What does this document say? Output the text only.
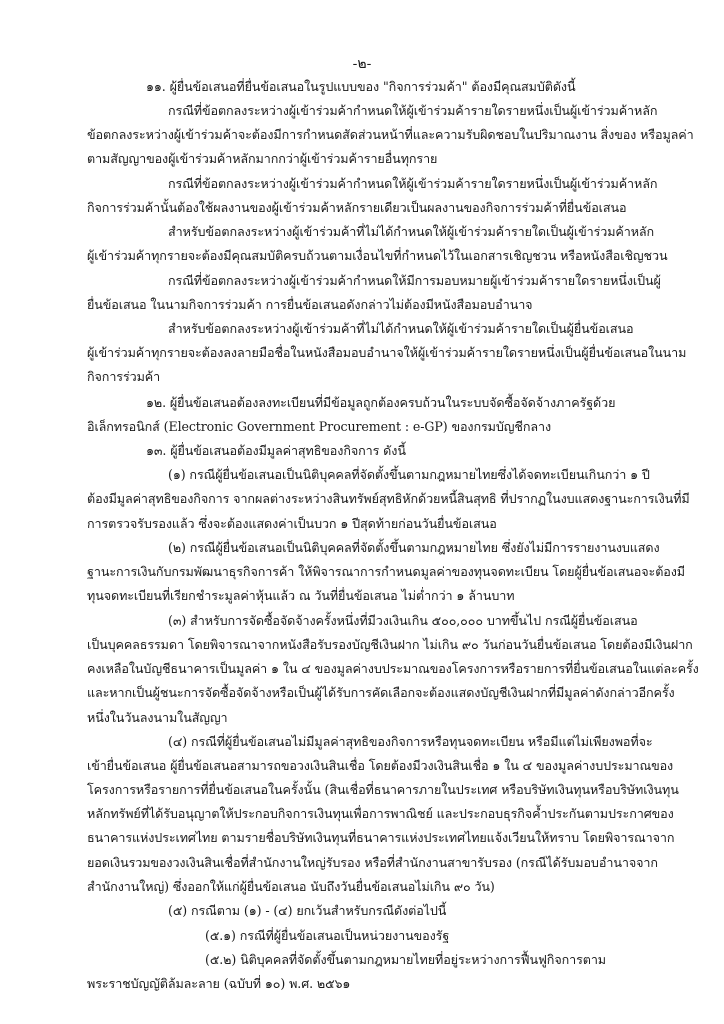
-๒-
๑๑. ผู้ยื่นข้อเสนอที่ยื่นข้อเสนอในรูปแบบของ "กิจการร่วมค้า" ต้องมีคุณสมบัติดังนี้
กรณีที่ข้อตกลงระหว่างผู้เข้าร่วมค้ากำหนดให้ผู้เข้าร่วมค้ารายใดรายหนึ่งเป็นผู้เข้าร่วมค้าหลัก
ข้อตกลงระหว่างผู้เข้าร่วมค้าจะต้องมีการกำหนดสัดส่วนหน้าที่และความรับผิดชอบในปริมาณงาน สิ่งของ หรือมูลค่า
ตามสัญญาของผู้เข้าร่วมค้าหลักมากกว่าผู้เข้าร่วมค้ารายอื่นทุกราย
กรณีที่ข้อตกลงระหว่างผู้เข้าร่วมค้ากำหนดให้ผู้เข้าร่วมค้ารายใดรายหนึ่งเป็นผู้เข้าร่วมค้าหลัก
กิจการร่วมค้านั้นต้องใช้ผลงานของผู้เข้าร่วมค้าหลักรายเดียวเป็นผลงานของกิจการร่วมค้าที่ยื่นข้อเสนอ
สำหรับข้อตกลงระหว่างผู้เข้าร่วมค้าที่ไม่ได้กำหนดให้ผู้เข้าร่วมค้ารายใดเป็นผู้เข้าร่วมค้าหลัก
ผู้เข้าร่วมค้าทุกรายจะต้องมีคุณสมบัติครบถ้วนตามเงื่อนไขที่กำหนดไว้ในเอกสารเชิญชวน หรือหนังสือเชิญชวน
กรณีที่ข้อตกลงระหว่างผู้เข้าร่วมค้ากำหนดให้มีการมอบหมายผู้เข้าร่วมค้ารายใดรายหนึ่งเป็นผู้
ยื่นข้อเสนอ ในนามกิจการร่วมค้า การยื่นข้อเสนอดังกล่าวไม่ต้องมีหนังสือมอบอำนาจ
สำหรับข้อตกลงระหว่างผู้เข้าร่วมค้าที่ไม่ได้กำหนดให้ผู้เข้าร่วมค้ารายใดเป็นผู้ยื่นข้อเสนอ
ผู้เข้าร่วมค้าทุกรายจะต้องลงลายมือชื่อในหนังสือมอบอำนาจให้ผู้เข้าร่วมค้ารายใดรายหนึ่งเป็นผู้ยื่นข้อเสนอในนาม
กิจการร่วมค้า
๑๒. ผู้ยื่นข้อเสนอต้องลงทะเบียนที่มีข้อมูลถูกต้องครบถ้วนในระบบจัดซื้อจัดจ้างภาครัฐด้วย
อิเล็กทรอนิกส์ (Electronic Government Procurement : e-GP) ของกรมบัญชีกลาง
๑๓. ผู้ยื่นข้อเสนอต้องมีมูลค่าสุทธิของกิจการ ดังนี้
(๑) กรณีผู้ยื่นข้อเสนอเป็นนิติบุคคลที่จัดตั้งขึ้นตามกฎหมายไทยซึ่งได้จดทะเบียนเกินกว่า ๑ ปี
ต้องมีมูลค่าสุทธิของกิจการ จากผลต่างระหว่างสินทรัพย์สุทธิหักด้วยหนี้สินสุทธิ ที่ปรากฏในงบแสดงฐานะการเงินที่มี
การตรวจรับรองแล้ว ซึ่งจะต้องแสดงค่าเป็นบวก ๑ ปีสุดท้ายก่อนวันยื่นข้อเสนอ
(๒) กรณีผู้ยื่นข้อเสนอเป็นนิติบุคคลที่จัดตั้งขึ้นตามกฎหมายไทย ซึ่งยังไม่มีการรายงานงบแสดง
ฐานะการเงินกับกรมพัฒนาธุรกิจการค้า ให้พิจารณาการกำหนดมูลค่าของทุนจดทะเบียน โดยผู้ยื่นข้อเสนอจะต้องมี
ทุนจดทะเบียนที่เรียกชำระมูลค่าหุ้นแล้ว ณ วันที่ยื่นข้อเสนอ ไม่ต่ำกว่า ๑ ล้านบาท
(๓) สำหรับการจัดซื้อจัดจ้างครั้งหนึ่งที่มีวงเงินเกิน ๕๐๐,๐๐๐ บาทขึ้นไป กรณีผู้ยื่นข้อเสนอ
เป็นบุคคลธรรมดา โดยพิจารณาจากหนังสือรับรองบัญชีเงินฝาก ไม่เกิน ๙๐ วันก่อนวันยื่นข้อเสนอ โดยต้องมีเงินฝาก
คงเหลือในบัญชีธนาคารเป็นมูลค่า ๑ ใน ๔ ของมูลค่างบประมาณของโครงการหรือรายการที่ยื่นข้อเสนอในแต่ละครั้ง
และหากเป็นผู้ชนะการจัดซื้อจัดจ้างหรือเป็นผู้ได้รับการคัดเลือกจะต้องแสดงบัญชีเงินฝากที่มีมูลค่าดังกล่าวอีกครั้ง
หนึ่งในวันลงนามในสัญญา
(๔) กรณีที่ผู้ยื่นข้อเสนอไม่มีมูลค่าสุทธิของกิจการหรือทุนจดทะเบียน หรือมีแต่ไม่เพียงพอที่จะ
เข้ายื่นข้อเสนอ ผู้ยื่นข้อเสนอสามารถขอวงเงินสินเชื่อ โดยต้องมีวงเงินสินเชื่อ ๑ ใน ๔ ของมูลค่างบประมาณของ
โครงการหรือรายการที่ยื่นข้อเสนอในครั้งนั้น (สินเชื่อที่ธนาคารภายในประเทศ หรือบริษัทเงินทุนหรือบริษัทเงินทุน
หลักทรัพย์ที่ได้รับอนุญาตให้ประกอบกิจการเงินทุนเพื่อการพาณิชย์ และประกอบธุรกิจค้ำประกันตามประกาศของ
ธนาคารแห่งประเทศไทย ตามรายชื่อบริษัทเงินทุนที่ธนาคารแห่งประเทศไทยแจ้งเวียนให้ทราบ โดยพิจารณาจาก
ยอดเงินรวมของวงเงินสินเชื่อที่สำนักงานใหญ่รับรอง หรือที่สำนักงานสาขารับรอง (กรณีได้รับมอบอำนาจจาก
สำนักงานใหญ่) ซึ่งออกให้แก่ผู้ยื่นข้อเสนอ นับถึงวันยื่นข้อเสนอไม่เกิน ๙๐ วัน)
(๕) กรณีตาม (๑) - (๔) ยกเว้นสำหรับกรณีดังต่อไปนี้
(๕.๑) กรณีที่ผู้ยื่นข้อเสนอเป็นหน่วยงานของรัฐ
(๕.๒) นิติบุคคลที่จัดตั้งขึ้นตามกฎหมายไทยที่อยู่ระหว่างการฟื้นฟูกิจการตาม
พระราชบัญญัติล้มละลาย (ฉบับที่ ๑๐) พ.ศ. ๒๕๖๑
